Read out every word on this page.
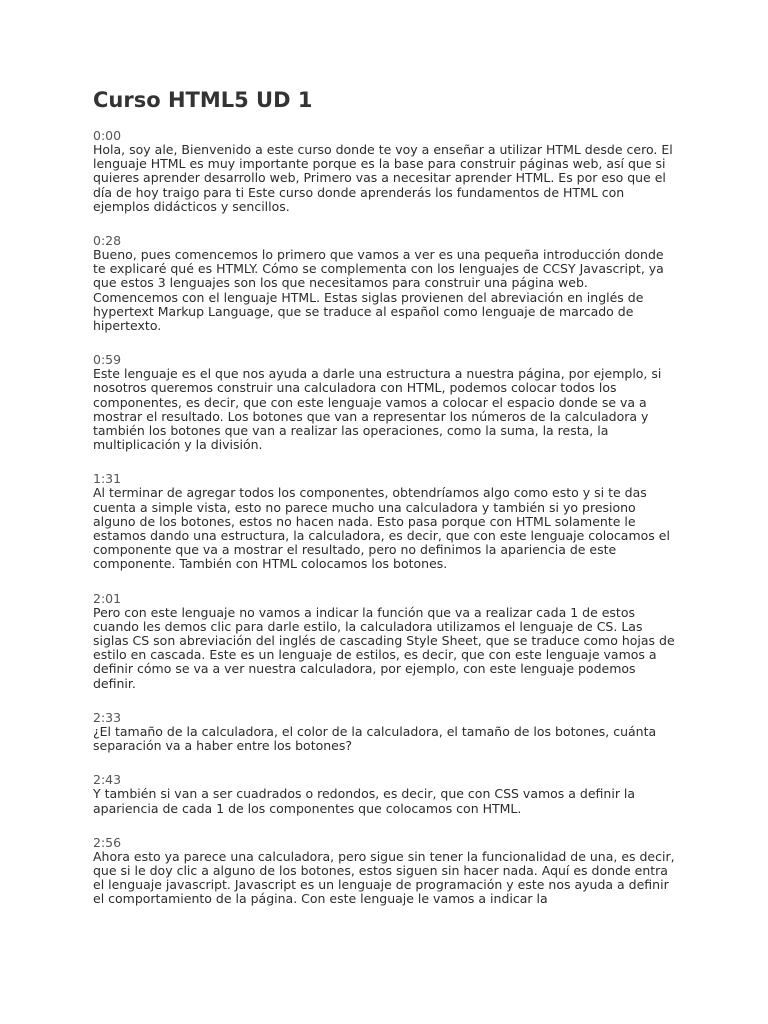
Curso HTML5 UD 1
0:00

Hola, soy ale, Bienvenido a este curso donde te voy a enseñar a utilizar HTML desde cero. El lenguaje HTML es muy importante porque es la base para construir páginas web, así que si quieres aprender desarrollo web, Primero vas a necesitar aprender HTML. Es por eso que el día de hoy traigo para ti Este curso donde aprenderás los fundamentos de HTML con ejemplos didácticos y sencillos.

0:28

Bueno, pues comencemos lo primero que vamos a ver es una pequeña introducción donde te explicaré qué es HTMLY. Cómo se complementa con los lenguajes de CCSY Javascript, ya que estos 3 lenguajes son los que necesitamos para construir una página web. Comencemos con el lenguaje HTML. Estas siglas provienen del abreviación en inglés de hypertext Markup Language, que se traduce al español como lenguaje de marcado de hipertexto.

0:59

Este lenguaje es el que nos ayuda a darle una estructura a nuestra página, por ejemplo, si nosotros queremos construir una calculadora con HTML, podemos colocar todos los componentes, es decir, que con este lenguaje vamos a colocar el espacio donde se va a mostrar el resultado. Los botones que van a representar los números de la calculadora y también los botones que van a realizar las operaciones, como la suma, la resta, la multiplicación y la división.

1:31

Al terminar de agregar todos los componentes, obtendríamos algo como esto y si te das cuenta a simple vista, esto no parece mucho una calculadora y también si yo presiono alguno de los botones, estos no hacen nada. Esto pasa porque con HTML solamente le estamos dando una estructura, la calculadora, es decir, que con este lenguaje colocamos el componente que va a mostrar el resultado, pero no definimos la apariencia de este componente. También con HTML colocamos los botones.

2:01

Pero con este lenguaje no vamos a indicar la función que va a realizar cada 1 de estos cuando les demos clic para darle estilo, la calculadora utilizamos el lenguaje de CS. Las siglas CS son abreviación del inglés de cascading Style Sheet, que se traduce como hojas de estilo en cascada. Este es un lenguaje de estilos, es decir, que con este lenguaje vamos a definir cómo se va a ver nuestra calculadora, por ejemplo, con este lenguaje podemos definir.

2:33

¿El tamaño de la calculadora, el color de la calculadora, el tamaño de los botones, cuánta separación va a haber entre los botones?

2:43

Y también si van a ser cuadrados o redondos, es decir, que con CSS vamos a definir la apariencia de cada 1 de los componentes que colocamos con HTML.

2:56

Ahora esto ya parece una calculadora, pero sigue sin tener la funcionalidad de una, es decir, que si le doy clic a alguno de los botones, estos siguen sin hacer nada. Aquí es donde entra el lenguaje javascript. Javascript es un lenguaje de programación y este nos ayuda a definir el comportamiento de la página. Con este lenguaje le vamos a indicar la
